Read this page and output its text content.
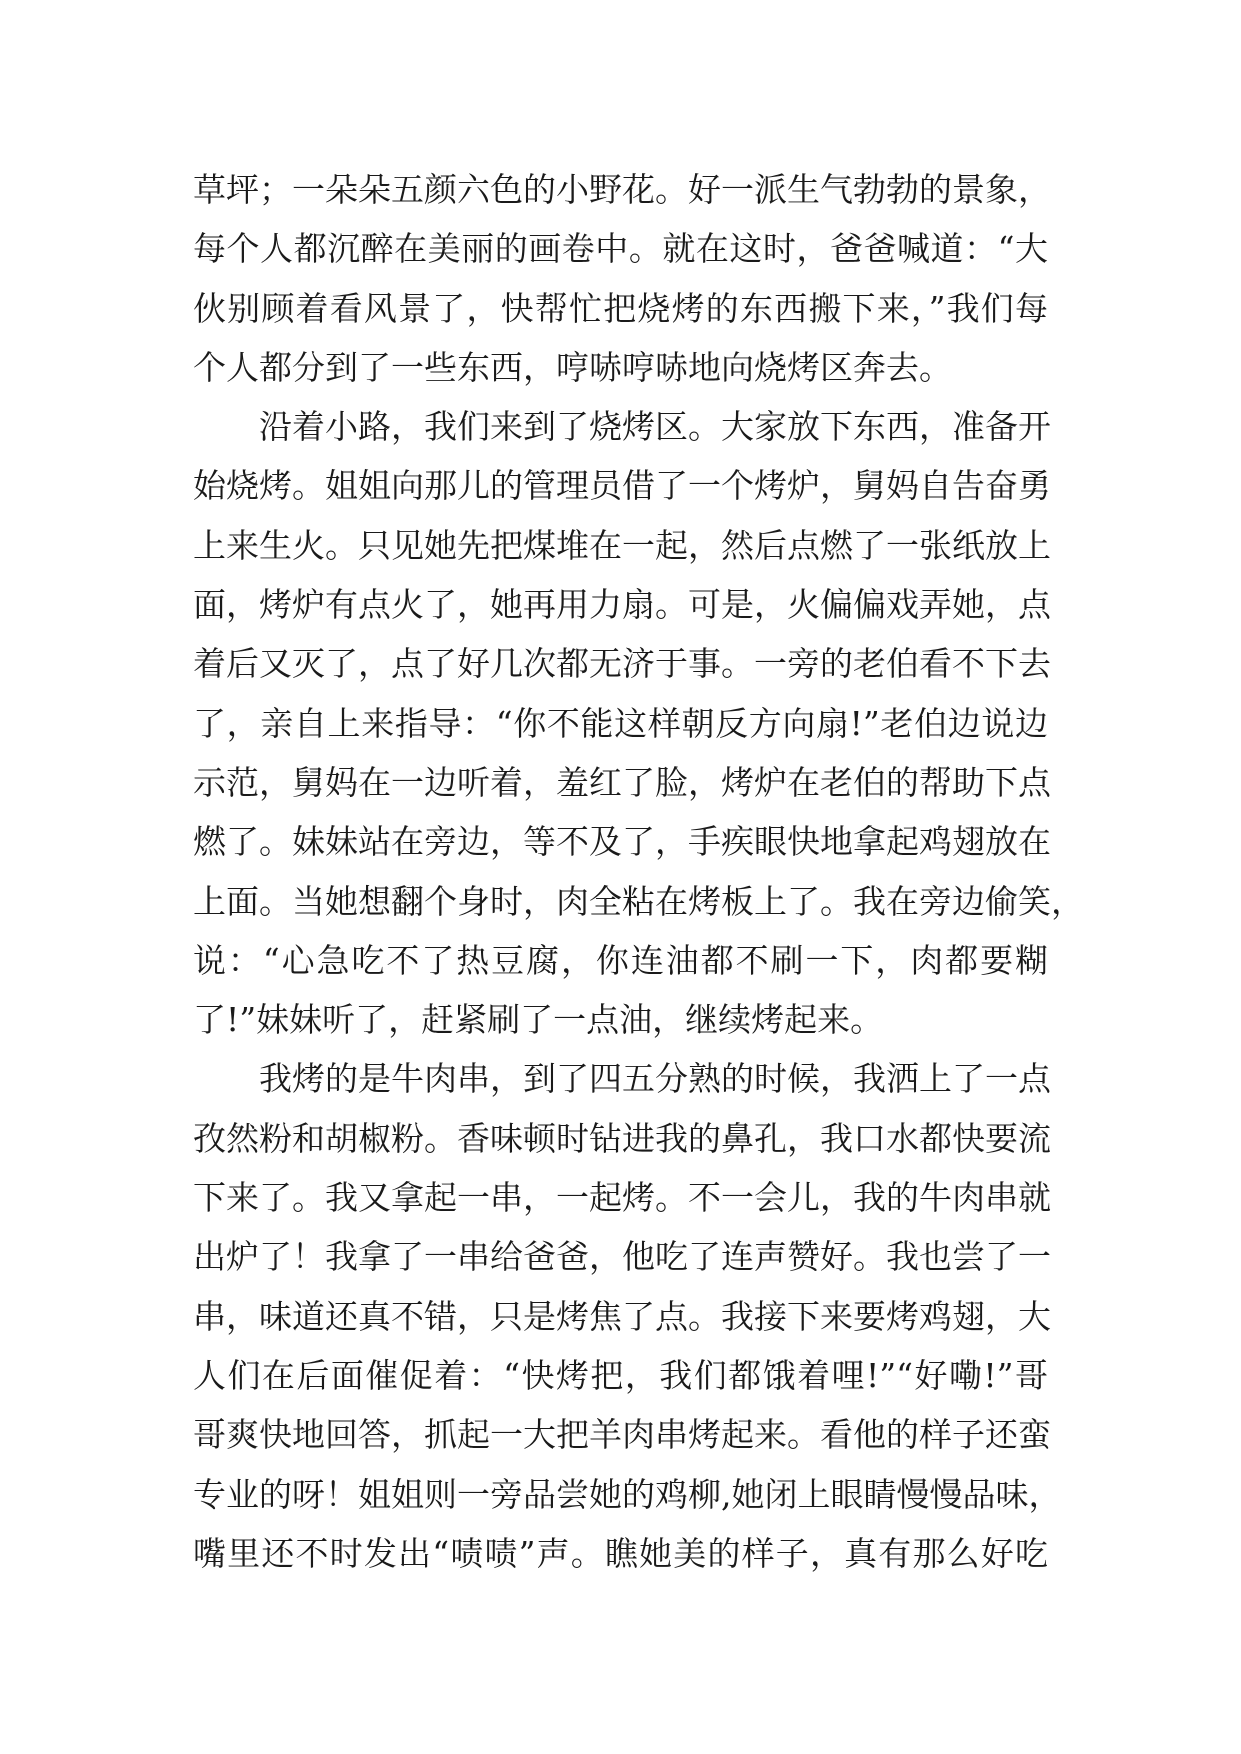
草坪；一朵朵五颜六色的小野花。好一派生气勃勃的景象，
每个人都沉醉在美丽的画卷中。就在这时，爸爸喊道：“大
伙别顾着看风景了，快帮忙把烧烤的东西搬下来，”我们每
个人都分到了一些东西，哼哧哼哧地向烧烤区奔去。
沿着小路，我们来到了烧烤区。大家放下东西，准备开
始烧烤。姐姐向那儿的管理员借了一个烤炉，舅妈自告奋勇
上来生火。只见她先把煤堆在一起，然后点燃了一张纸放上
面，烤炉有点火了，她再用力扇。可是，火偏偏戏弄她，点
着后又灭了，点了好几次都无济于事。一旁的老伯看不下去
了，亲自上来指导：“你不能这样朝反方向扇!”老伯边说边
示范，舅妈在一边听着，羞红了脸，烤炉在老伯的帮助下点
燃了。妹妹站在旁边，等不及了，手疾眼快地拿起鸡翅放在
上面。当她想翻个身时，肉全粘在烤板上了。我在旁边偷笑，
说：“心急吃不了热豆腐，你连油都不刷一下，肉都要糊
了!”妹妹听了，赶紧刷了一点油，继续烤起来。
我烤的是牛肉串，到了四五分熟的时候，我洒上了一点
孜然粉和胡椒粉。香味顿时钻进我的鼻孔，我口水都快要流
下来了。我又拿起一串，一起烤。不一会儿，我的牛肉串就
出炉了！我拿了一串给爸爸，他吃了连声赞好。我也尝了一
串，味道还真不错，只是烤焦了点。我接下来要烤鸡翅，大
人们在后面催促着：“快烤把，我们都饿着哩!”“好嘞!”哥
哥爽快地回答，抓起一大把羊肉串烤起来。看他的样子还蛮
专业的呀！姐姐则一旁品尝她的鸡柳,她闭上眼睛慢慢品味，
嘴里还不时发出“啧啧”声。瞧她美的样子，真有那么好吃
